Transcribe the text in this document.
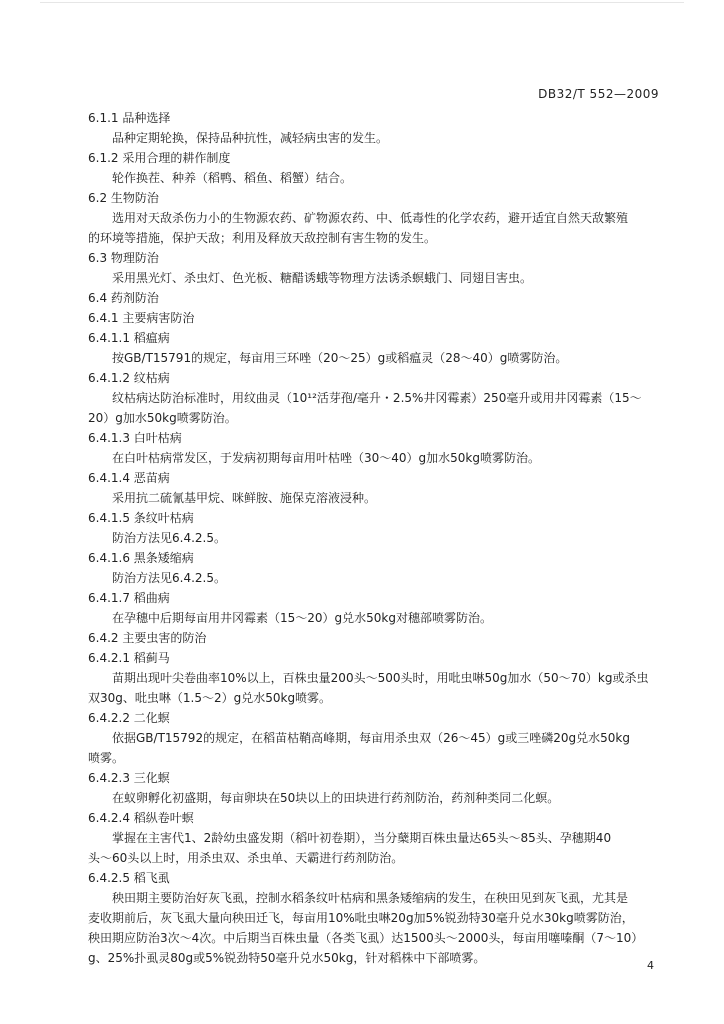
DB32/T 552—2009
6.1.1 品种选择
品种定期轮换，保持品种抗性，减轻病虫害的发生。
6.1.2 采用合理的耕作制度
轮作换茬、种养（稻鸭、稻鱼、稻蟹）结合。
6.2 生物防治
选用对天敌杀伤力小的生物源农药、矿物源农药、中、低毒性的化学农药，避开适宜自然天敌繁殖
的环境等措施，保护天敌；利用及释放天敌控制有害生物的发生。
6.3 物理防治
采用黑光灯、杀虫灯、色光板、糖醋诱蛾等物理方法诱杀螟蛾门、同翅目害虫。
6.4 药剂防治
6.4.1 主要病害防治
6.4.1.1 稻瘟病
按GB/T15791的规定，每亩用三环唑（20～25）g或稻瘟灵（28～40）g喷雾防治。
6.4.1.2 纹枯病
纹枯病达防治标准时，用纹曲灵（10¹²活芽孢/毫升・2.5%井冈霉素）250毫升或用井冈霉素（15～
20）g加水50kg喷雾防治。
6.4.1.3 白叶枯病
在白叶枯病常发区，于发病初期每亩用叶枯唑（30～40）g加水50kg喷雾防治。
6.4.1.4 恶苗病
采用抗二硫氰基甲烷、咪鲜胺、施保克溶液浸种。
6.4.1.5 条纹叶枯病
防治方法见6.4.2.5。
6.4.1.6 黑条矮缩病
防治方法见6.4.2.5。
6.4.1.7 稻曲病
在孕穗中后期每亩用井冈霉素（15～20）g兑水50kg对穗部喷雾防治。
6.4.2 主要虫害的防治
6.4.2.1 稻蓟马
苗期出现叶尖卷曲率10%以上，百株虫量200头～500头时，用吡虫啉50g加水（50～70）kg或杀虫
双30g、吡虫啉（1.5～2）g兑水50kg喷雾。
6.4.2.2 二化螟
依据GB/T15792的规定，在稻苗枯鞘高峰期，每亩用杀虫双（26～45）g或三唑磷20g兑水50kg
喷雾。
6.4.2.3 三化螟
在蚁卵孵化初盛期，每亩卵块在50块以上的田块进行药剂防治，药剂种类同二化螟。
6.4.2.4 稻纵卷叶螟
掌握在主害代1、2龄幼虫盛发期（稻叶初卷期），当分蘖期百株虫量达65头～85头、孕穗期40
头～60头以上时，用杀虫双、杀虫单、天霸进行药剂防治。
6.4.2.5 稻飞虱
秧田期主要防治好灰飞虱，控制水稻条纹叶枯病和黑条矮缩病的发生，在秧田见到灰飞虱，尤其是
麦收期前后，灰飞虱大量向秧田迁飞，每亩用10%吡虫啉20g加5%锐劲特30毫升兑水30kg喷雾防治，
秧田期应防治3次～4次。中后期当百株虫量（各类飞虱）达1500头～2000头，每亩用噻嗪酮（7～10）
g、25%扑虱灵80g或5%锐劲特50毫升兑水50kg，针对稻株中下部喷雾。
4
